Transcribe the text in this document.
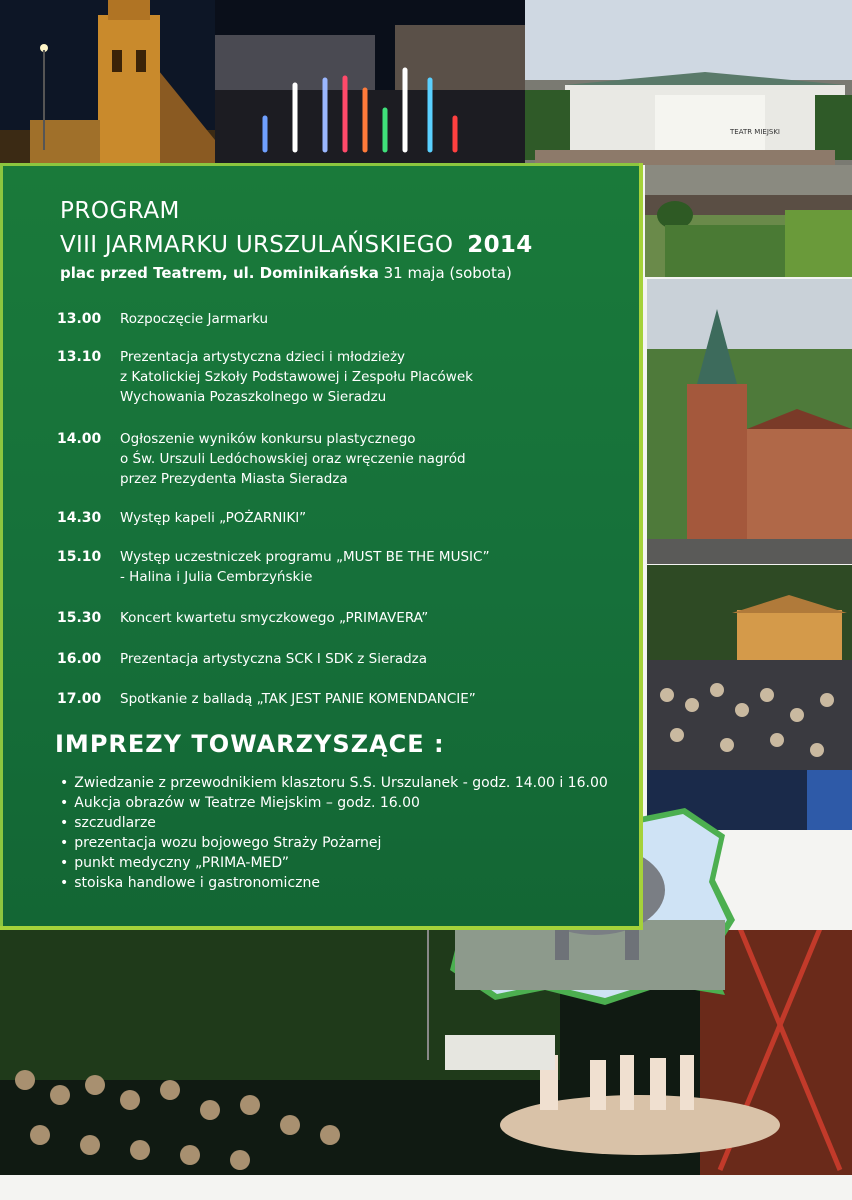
TEATR MIEJSKI
PROGRAM
VIII JARMARKU URSZULAŃSKIEGO 2014
plac przed Teatrem, ul. Dominikańska 31 maja (sobota)
13.00 Rozpoczęcie Jarmarku
13.10 Prezentacja artystyczna dzieci i młodzieży
z Katolickiej Szkoły Podstawowej i Zespołu Placówek
Wychowania Pozaszkolnego w Sieradzu
14.00 Ogłoszenie wyników konkursu plastycznego
o Św. Urszuli Ledóchowskiej oraz wręczenie nagród
przez Prezydenta Miasta Sieradza
14.30 Występ kapeli „POŻARNIKI”
15.10 Występ uczestniczek programu „MUST BE THE MUSIC”
- Halina i Julia Cembrzyńskie
15.30 Koncert kwartetu smyczkowego „PRIMAVERA”
16.00 Prezentacja artystyczna SCK I SDK z Sieradza
17.00 Spotkanie z balladą „TAK JEST PANIE KOMENDANCIE”
IMPREZY TOWARZYSZĄCE :
• Zwiedzanie z przewodnikiem klasztoru S.S. Urszulanek - godz. 14.00 i 16.00
• Aukcja obrazów w Teatrze Miejskim – godz. 16.00
• szczudlarze
• prezentacja wozu bojowego Straży Pożarnej
• punkt medyczny „PRIMA-MED”
• stoiska handlowe i gastronomiczne
